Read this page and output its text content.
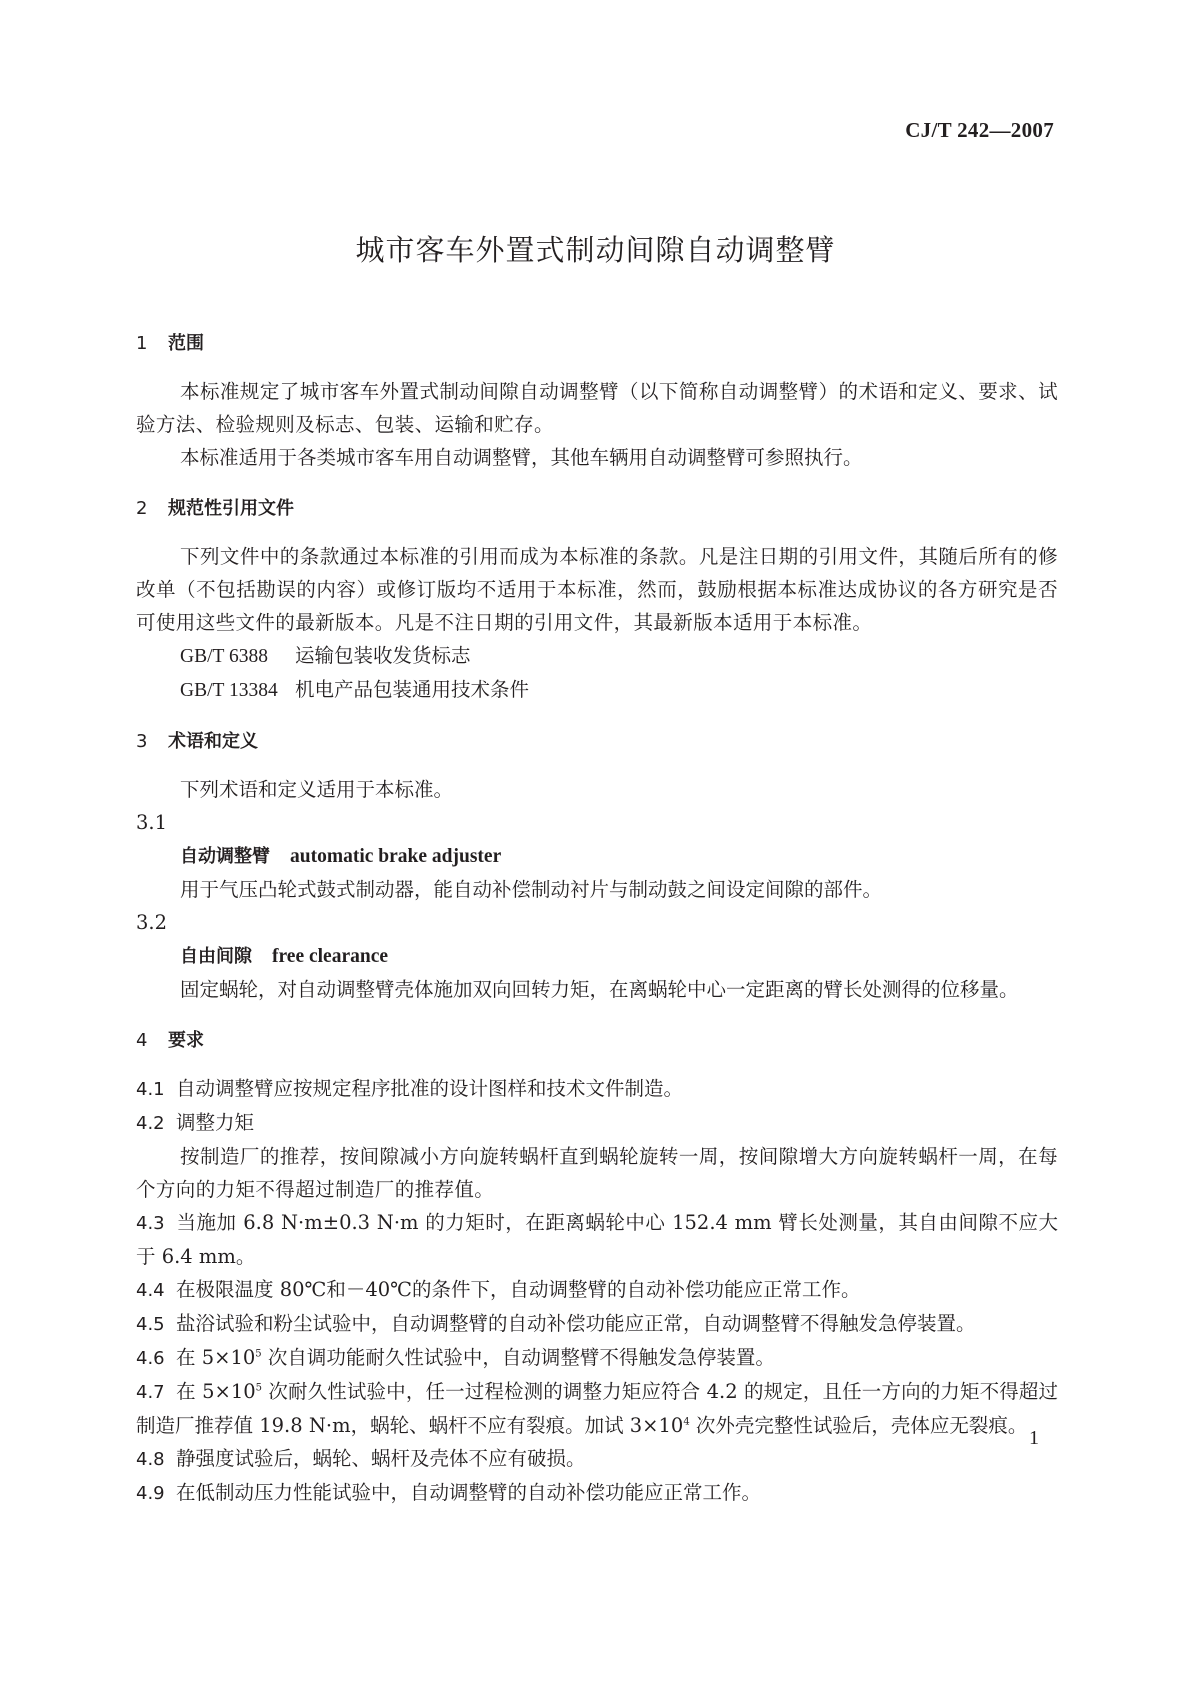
CJ/T 242—2007
城市客车外置式制动间隙自动调整臂
1 范围

本标准规定了城市客车外置式制动间隙自动调整臂（以下简称自动调整臂）的术语和定义、要求、试验方法、检验规则及标志、包装、运输和贮存。

本标准适用于各类城市客车用自动调整臂，其他车辆用自动调整臂可参照执行。

2 规范性引用文件

下列文件中的条款通过本标准的引用而成为本标准的条款。凡是注日期的引用文件，其随后所有的修改单（不包括勘误的内容）或修订版均不适用于本标准，然而，鼓励根据本标准达成协议的各方研究是否可使用这些文件的最新版本。凡是不注日期的引用文件，其最新版本适用于本标准。

GB/T 6388 运输包装收发货标志
GB/T 13384 机电产品包装通用技术条件
3 术语和定义

下列术语和定义适用于本标准。

3.1
自动调整臂 automatic brake adjuster
用于气压凸轮式鼓式制动器，能自动补偿制动衬片与制动鼓之间设定间隙的部件。
3.2
自由间隙 free clearance
固定蜗轮，对自动调整臂壳体施加双向回转力矩，在离蜗轮中心一定距离的臂长处测得的位移量。
4 要求
4.1 自动调整臂应按规定程序批准的设计图样和技术文件制造。
4.2 调整力矩

按制造厂的推荐，按间隙减小方向旋转蜗杆直到蜗轮旋转一周，按间隙增大方向旋转蜗杆一周，在每个方向的力矩不得超过制造厂的推荐值。

4.3 当施加 6.8 N·m±0.3 N·m 的力矩时，在距离蜗轮中心 152.4 mm 臂长处测量，其自由间隙不应大于 6.4 mm。
4.4 在极限温度 80℃和－40℃的条件下，自动调整臂的自动补偿功能应正常工作。
4.5 盐浴试验和粉尘试验中，自动调整臂的自动补偿功能应正常，自动调整臂不得触发急停装置。
4.6 在 $5\times 10^5$ 次自调功能耐久性试验中，自动调整臂不得触发急停装置。
4.7 在 $5\times 10^5$ 次耐久性试验中，任一过程检测的调整力矩应符合 4.2 的规定，且任一方向的力矩不得超过制造厂推荐值 19.8 N·m，蜗轮、蜗杆不应有裂痕。加试 $3\times 10^4$ 次外壳完整性试验后，壳体应无裂痕。
4.8 静强度试验后，蜗轮、蜗杆及壳体不应有破损。
4.9 在低制动压力性能试验中，自动调整臂的自动补偿功能应正常工作。
1
